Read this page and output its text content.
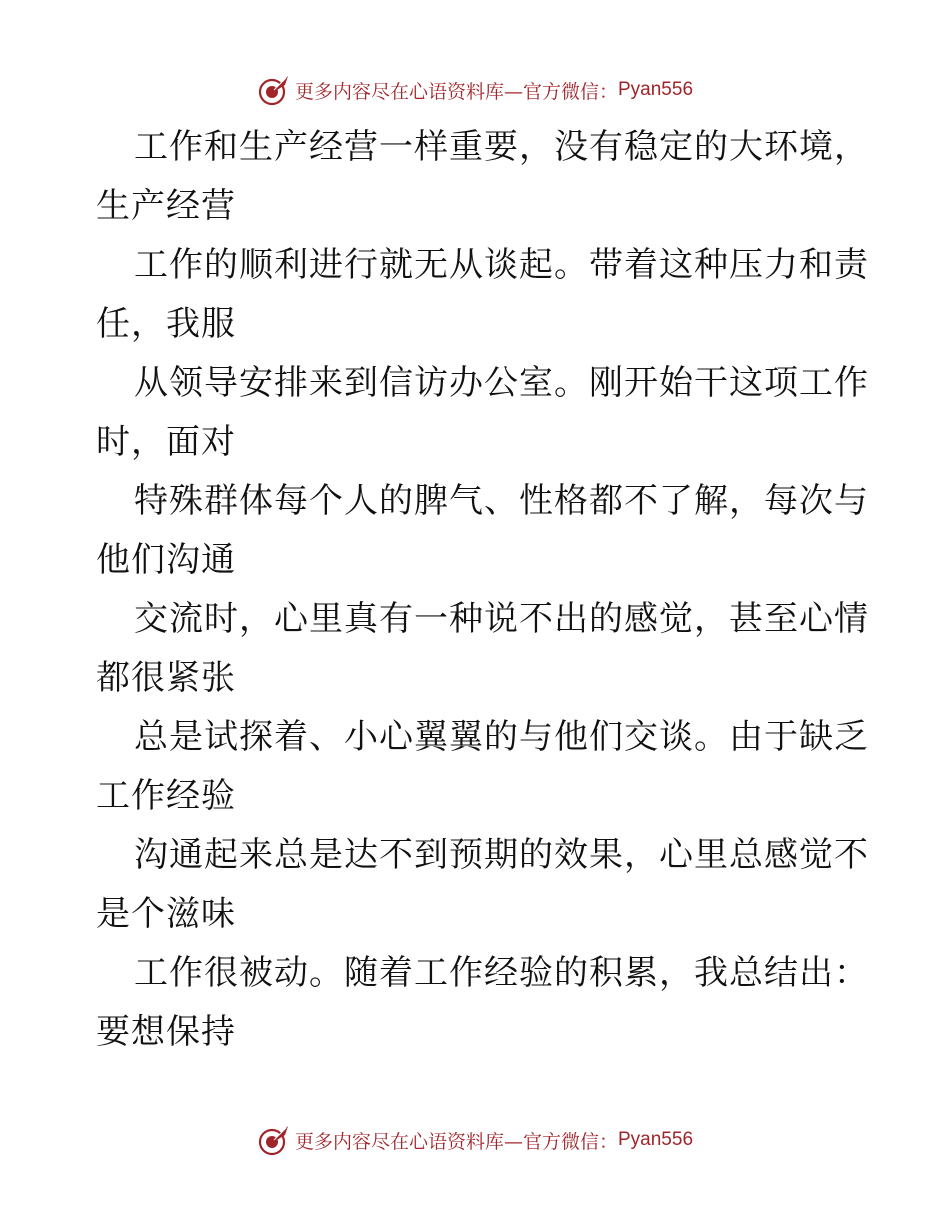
更多内容尽在心语资料库—官方微信： Pyan556

工作和生产经营一样重要，没有稳定的大环境，
生产经营

工作的顺利进行就无从谈起。带着这种压力和责
任，我服

从领导安排来到信访办公室。刚开始干这项工作
时，面对

特殊群体每个人的脾气、性格都不了解，每次与
他们沟通

交流时，心里真有一种说不出的感觉，甚至心情
都很紧张

总是试探着、小心翼翼的与他们交谈。由于缺乏
工作经验

沟通起来总是达不到预期的效果，心里总感觉不
是个滋味

工作很被动。随着工作经验的积累，我总结出：
要想保持

更多内容尽在心语资料库—官方微信： Pyan556
